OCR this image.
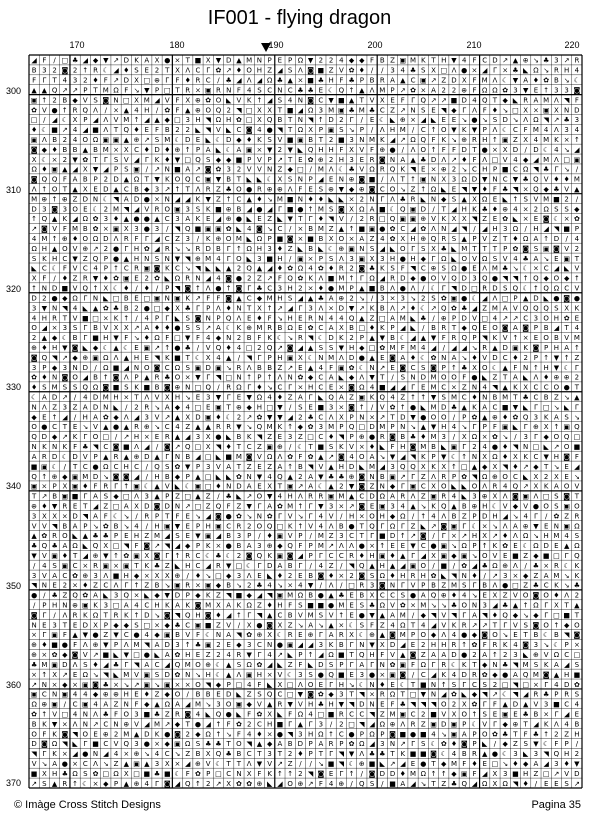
IF001 - flying dragon
170	180	190	200	210	220
300
310
320
330
340
350
360
370
◢ F / □ ♣ ◢ ◆ ▼ ↗ D K A X ● × T ■ X ▼ D ▲ M N P E P Ω ▼ 2 2 4 ◆ ◆ F B Z ▣ M K T H ▼ 4 F C D ↗ ▲ ⊕ ↘ ♣ 3 ↗ R
B 3 2 ◙ 2 ↑ R ☾ ◢ ♦ S E 2 T X Λ C Γ ✿ ↗ ♦ O H Z ◢ S Λ ◙ ■ Z V ✿ ♦ / / 3 4 ♣ S X □ Λ ● × ◢ Γ × ♣ ◣ Ω ↘ R H 4
F Γ T 4 3 2 ♦ F ↗ D X □ ⊕ Γ F ♦ R C / ♣ ◢ Λ ◢ Ω ♣ ▲ × ■ ♣ H F ♣ P B R A ▲ C ▣ ↗ Z D X F M Λ ☾ ▼ A ♦ ✿ B ↘ ☾
▲ ▲ Q ↗ ↗ P T M Ω F ↘ ▼ P □ T R × ▣ R N F 4 S C N C ♣ ♣ E ☾ Q ↑ ▲ Λ M P ↗ ✿ × A 2 2 ⊕ F Ω Ω ✿ 3 ▼ E ↑ 3 3 ◙
▣ ↑ 2 B ◆ V S ◙ N □ X M ◢ V F X ⊕ ✿ O ◣ V K ↑ ◢ S 4 N ◙ C ▼ ■ ▲ T V X E F Γ Q ↗ ↗ ■ D 4 Q T ◆ ◣ R A M Λ ◥ F
✿ V ● ↑ R Q Λ / × ▲ 4 H / ✿ F ▲ ⊕ O Q 2 ◥ □ X X T ■ ◢ Ω 3 M ▣ ♣ M ♣ C Z ↗ N S E ◥ ◆ Γ Λ F ♦ ↘ □ X × ▣ X N D
□ / ◢ ☾ X P ◢ Λ V M ↑ ◢ ▲ ◆ □ 3 H ◥ Ω H ✿ □ X Q B T N ◥ ↑ D 2 Γ / E ☾ ◣ ⊕ × ◢ ◣ E E ↘ ● ↘ S D ↘ Λ Ω ◥ ↗ ♣ 3
♦ ☾ ■ ↗ 4 ◢ ■ Λ T Q ♦ E F B 2 2 ◣ ◥ V ◣ C ◙ 4 ● ◥ T Ω X P ▣ S ↘ P / Λ H M / C ↑ O ▼ K ▼ P Λ ☾ C F M 4 Λ 3 4
▣ Λ B 2 4 O Ω ▣ ▣ ▲ ⊕ ↗ S M ☾ D E ◣ ☾ D ◆ ♦ K S V ■ ▣ B T 2 ■ 3 N M K ◢ ↗ Ω Q F K ↘ ⊕ R H ↑ ▣ Z X 4 M K × ↑
◙ ◆ ♦ B B ▲ B M × X C ♦ D ♦ ⊕ ↑ P A ◣ ☾ A ▣ × ▼ 2 ▼ ◣ Q H H F X V F ⊕ ● / Λ O ↑ F F D T ● × X D / D ☾ 4 ↘ ◢
X ☾ × 2 ▼ ✿ T Γ S V ◢ Γ K ♦ ▼ □ Q S ◆ ◆ ■ P V P ↗ T E ✿ ⊕ 2 H 3 E R ◙ N A ▲ ♣ D Λ ↗ ♦ F Λ □ V 4 ◆ ◢ M Λ □ ▣
Ω ♦ ▣ ▲ ◢ X ▼ ◢ P S ▣ / ↗ N ■ A ↗ ◙ ✿ 3 2 V V N Z ◆ □ / M Λ ☾ ♣ V Ω R Q K ◥ E × ⊕ 2 ↘ C H P ■ C Ω ◥ ♣ Γ ↘ /
◙ Q Q F A B P 2 D ▲ Ω T ▼ K O Q C ▣ ▼ B T ◣ ◣ ☾ X S N P ◢ E N ⊕ ◙ ■ / Λ T ↑ ▣ N X 3 Ω D ▼ N C ▼ ♣ Q V ♦ ♦ M
Λ ↑ O T ▲ X E D ▲ C B ◆ 3 ↗ ↑ T Λ R Z ♣ O ● R ⊕ ⊕ Λ F E S ⊕ ▼ ◆ ⊕ ◙ C O ↘ Z ↑ Ω ◣ E ◥ ▼ ♦ F ♣ ◥ × Q ◆ ♣ V ▲
M ⊕ ↑ ⊕ Z D N ☾ ◥ A D ● × N ◢ ◢ K ▼ Z ↑ C ▲ ♦ ↘ M ■ N ♦ ♦ ◣ ◣ × 2 N Γ Λ ♣ R ◣ N ◆ S ▲ X Ω E ◣ ↑ S V M ■ 2 /
D 3 ◙ 3 O E ☾ 2 M ◥ ◢ V R O ▣ 3 S K ■ ⊕ B ◢ ● ◢ Γ ■ ● ↑ M S ◙ X Ω A ■ ☾ Q ▣ D / T ◢ H K ♣ ♦ ⊕ 4 × 2 Ω S S ◆
↑ Q ▲ K ◢ Ω ✿ 3 ♦ ▲ ● ● ▲ C 3 A K E ◢ ⊕ ● ◣ E Z ◣ ▼ T Γ ♦ ◥ V / 2 R □ Q ▣ ▣ ⊕ V K X X ◥ Z E ✿ ◣ × E ◙ ☾ × ✿
↗ ◙ V F M B ✿ × ▣ X 3 ● 3 / ◥ Q ■ ▣ ▣ ✿ ◣ 4 ◙ ↘ C / × B M Z ▲ ↑ ■ ▣ ● ✿ C ◢ ✿ Λ N ◢ ◥ / ◢ H 3 Ω / H ◢ ◥ ■ P
4 M ↑ ⊕ ♦ O Ω D Λ R F Γ ◢ C Z 3 / K ⊕ O M ◣ Ω P ■ ◙ × ■ B X O × A Z 4 ✿ X H ⊕ Q R S ▲ P V Z T ♦ Ω A ↑ D / 4
Ω H ▲ O V ⊕ ↗ 2 ● Γ H ✿ ◢ R ↘ ↘ R D B Γ ↑ Ω H 3 ♦ Z ◣ B ◣ ☾ ⊕ ▣ N S ◢ ◣ O Γ S X ♣ ◣ M T T T P ✿ ◙ S ▣ ◙ V 2
S K H C ▼ Z Q P ● ▲ H N S N ▼ ◥ ⊕ M 4 Γ O ◣ 3 ■ H / ▣ × P S Λ 3 ▣ X 3 H ● H ◆ Γ Ω ◣ O V Ω S V 4 ♣ A ↘ E ▣ T
◣ C ☾ F V C 4 P ↑ C R ▣ ◙ K C ↘ ◥ ◣ ◣ ▲ 2 Q ▲ ◢ ♦ ✿ Ω 4 ✿ ♦ R 2 ◙ ♣ K S F ◥ C ⊕ S Ω ● E Λ M ♣ ↘ ☾ × C ◢ ◣ V
X F / ♦ Z R ▼ ♦ ✿ ▣ E 2 ✿ ◣ Ω R N ◢ 4 ◙ ● 2 Z ↗ F Q ✿ K Λ ■ M ↑ Γ Ω ◢ R D ◆ ● O V Q D 3 Q ● ◥ ◥ ↑ Q ◆ O ◆ ↑
↑ N D ■ V Q ↑ X ☾ ♦ / ♦ / P ◥ ◙ ↑ Λ ● ↑ ◙ Γ ♣ C 3 H 2 × ♦ ● M P ▲ ■ B Λ ● Λ / ☾ Γ ◥ D □ R D S Q ☾ ↑ Q Ω C V
D 2 ● ◆ Ω Γ N ◣ □ B E □ ▣ N ▣ K ↗ F F ◙ ▲ C ◆ M H S ◢ ▲ ♣ A ⊕ 2 ↘ / 3 × 3 ↘ 2 S ✿ ▣ ● ☾ ◢ Λ □ P ▲ D ◣ ● ◙ ●
3 ▼ N ◥ 4 ◣ ▲ ✿ ♣ B 2 ● □ ◆ X ♣ Γ P Λ ♦ N T X ↑ ↗ ◢ Γ 3 Λ × D ▼ ↗ K B Λ ↗ ♦ ☾ ↗ Q ✿ ♣ ◢ Z M A V Q Q Q S X K
4 H R T V ■ □ × K ↑ / 4 P Γ ◣ S ◙ N P Q Λ E ♦ F ↘ H E R N 4 4 Q ▲ Z □ A M ◣ ♣ / ⊕ P D V □ 4 ↗ ↗ C 3 O H ✿ E
O ◢ × 3 S Γ B V X X ↗ A ♦ ♦ ● S S ↗ A ☾ K ⊕ M R B Ω E ✿ C A X B □ ♦ K P ◢ ◣ / B R T ◆ Q E O ◙ A ◙ P B ◢ T 4
2 ▲ ◆ ☾ B Γ ■ H ▼ F ↘ ♦ Ω F □ ▼ F 4 ◆ N 2 B F K ☾ ↘ R ◥ ☾ D K 2 P ▲ ▼ B ☾ ◢ ▲ ▼ F R Q P ◥ K V ↑ × E O B V M
⊕ ♦ H ▼ ◙ ◣ ◆ ☾ ▲ ☾ E ▣ ↗ ↑ ● ♣ / V Q ♦ 4 □ 2 Q ↗ ◙ ◢ ▲ S S ▼ H ◆ □ ✿ M F M 4 ◢ / ◢ ◢ ↘ R ▲ D ▣ K ◙ P H A ↑
◙ Q ◥ ↗ ◆ ⊕ ▣ Ω Λ ▲ H E ◥ K ■ T ☾ X 4 ▲ / ◥ Γ P H ▣ X ☾ N M Λ D ● ▲ E ◙ A ♦ ☾ ✿ N A ↘ ♦ V D C ♦ 2 P ↑ ▼ ↑ Z
3 P ◆ 3 N D / Ω ■ ◢ N O ◙ C Ω S ▣ D ▣ ↘ R Λ B B Z ↗ E ▲ 4 F ▣ ✿ ☾ N ↗ E ◙ C S ◙ P ↑ ♣ X O ☾ ▲ F N ↑ H ▼ ☾ Γ
✿ ♦ N ◙ O ◢ B ↑ ◙ Λ P ▲ R ♣ O × ▼ Γ ◥ □ N ↑ P ↑ Λ N ✿ ◆ C A ◣ ◆ Λ ▼ T / S N D M O O F ● ◣ Z T A ◣ Λ ♦ ⊕ ⊕ 2
♦ S M S S Q Ω ◙ ■ S K ■ B ◙ ⊕ N □ Q / R Ω Γ ♦ ↘ C Γ × H C E × ◙ Ω 4 ■ ◢ ◢ Γ E M C × Z N 4 ◥ ▲ K X C C O ● T
☾ A D ↗ / 4 D M H × T Λ V X H ↘ E 3 ▼ Γ E ▼ Ω 4 ♦ Z A Γ ◣ Q A Z ▣ K Q 4 Z ↑ ↑ ▼ S M C ♦ N B M T ♣ C B Z ↘ ▲
N Λ Z 3 Z A D N ◣ / 2 R ↘ A ◆ 4 □ E ▣ T ⊕ ◆ H □ ▼ / S E ■ 3 × ◙ ↑ / V ✿ ↑ ● ◣ M D ♣ ▲ K A C ■ ▼ ◣ Γ □ ↘ ◣ Γ
◆ E ↑ ◢ / H A ✿ ◆ Λ ◢ 3 V ↗ ▲ X D ▣ ♦ ☾ 2 ↗ ✿ ▼ ▼ ◢ 2 ♣ C Λ X P N × ↗ T D ▼ ● O O / P ✿ ▲ ⊕ ♦ ✿ Q 3 K A S ↘
O ● C T E ↘ V ▲ ● ▲ R ⊕ ↘ C 4 Z ▲ ▲ R R ▼ ↘ Q M K ↑ ◆ ✿ 3 M P Q □ D M P N ↘ ▲ ▼ H 4 ↘ Γ P F ▣ ◣ Γ ⊕ X ↑ ▣ Q
Q D ◆ ↗ K Γ O □ / ↗ H × E R ▲ ◢ 3 X ● ◣ B K ◥ Z E 3 Z □ C ♦ ◥ P ⊕ ● R ◙ B ♣ ♦ M 3 / X Ω × ✿ ↘ / 3 Γ ◆ O Q □
N K N K F ♣ ◥ C ◙ ■ Λ ◢ / ◙ ↗ Q □ X ◥ ♦ T C Z ▣ ⊕ / ☾ T ■ S K V × ♦ ◣ F H ◙ M B ◣ ▣ Γ 2 4 ● ♦ ◥ N □ ◣ ↗ O ■
A R D ☾ D V P ▲ R ▲ ⊕ D ▲ Γ N B ◢ □ ◣ ■ M ◙ V Ω Λ ✿ F ✿ ▲ ↗ ◙ 4 O A ↘ ▼ ◢ ◥ K P ▼ ☾ ↑ N X Ω ♦ X K C ▼ H ◙ F
■ ▣ ☾ / T C ● Ω C H C / Q S ✿ ▼ P 3 V A T Z E Z A ↑ B ◥ V ▲ H D ◣ M ◢ 3 Q Q X K X ↑ □ ▲ ◆ X ◥ ♦ ↗ ◆ T ↘ E ◢
Q ↑ ⊕ ◆ ▣ M D ↘ ◙ ◙ ◢ / H B ◆ P ▲ □ ◣ ◣ ✿ N ▼ 4 Q ▲ 2 A ▼ ♣ ♣ ⊕ ◙ N B ▣ ↗ Γ Z Λ R P ✿ ◥ Ω ⊕ O C ◣ X 2 X E ↘
▣ × P X ▣ ♦ F R Γ ↑ ▣ ☾ ▲ V ◣ ☾ ▣ □ ♦ N D A E X T ▣ ↗ A ☾ ▲ 2 ▼ ◙ Z N ◆ Γ ▣ C X O ◣ ◣ O Λ R 4 Q ↗ X K A O V
T ↗ B ▣ ■ Γ A S ◆ □ Λ 3 ▲ P Z □ ▲ Z / ♣ ◣ ↗ O ▼ 4 H Λ R R ▣ M ▲ C D Ω A R Λ Z ▣ R 4 ◣ 3 ⊕ X Λ ◙ ▣ Λ □ S ◙ T
⊕ ♦ ▼ R E T ◢ Z □ A X D ◙ D N ↗ □ Z Q F Z ▼ Γ A ✿ M ↑ Γ ▼ 3 × ↗ ◙ E ▣ 3 4 ▲ ↘ K Q ▲ B ⊕ H ☾ V ◆ V ● O S ▣ O
3 X X × D ◥ A F ☾ ↘ / R P T F E ↘ ◢ ◙ ● ✿ ↘ N ✿ Γ V ↘ Γ 4 V / H × O H ◆ Ω / ↑ 4 Λ B Z P D H ◢ ↘ 4 Γ / ✿ Z R
V V ◥ B A P ↘ ✿ B ↘ 4 / H ▣ ▼ E P H ▣ C R 2 O Q □ K ↑ V 4 Λ B ● T Q Γ Ω Γ Z ◣ ↗ ◙ ▣ Γ ☾ × ↘ Λ A ⊕ ▼ E N ▣ Ω
▲ ✿ R O ◣ ▲ ♣ ♣ P E H Z M ◢ S E ▼ ▣ ◢ B 3 P / ♦ ▣ V P / M Z 3 C T Γ ■ D ↑ ↗ ◙ / Γ × ↗ H X ↗ ♦ Λ Ω ↘ H M 4 S
♣ Q ♣ A Ω ◣ Q X □ ◥ F ◙ ↗ ◥ ◢ ◆ P K × ● B A 3 ⊕ ◆ Q F P M ↗ Λ Λ ● × ↑ E E ▼ C ● ▣ ↘ Ω P ↑ K ✿ E ☾ Ω D E ▲ Ω
▼ V ▣ ♦ T ◢ ⊕ ▼ ↑ ✿ ▣ X ◙ Γ ↑ R C ☾ ♣ ☾ 2 ◙ Q K ▣ ◙ ◢ P Γ C C R ♦ H ▣ ♦ ▲ Γ ◢ X ▣ ◆ ▣ ↘ O V E ■ Z ◆ ■ □ Γ Q
/ 4 S ▣ C × R ▣ × ▣ T K ♣ Z ◣ H C ◢ R ▼ □ ☾ Γ D A B Γ / 4 Z / ◥ Q ▲ H ▲ ◢ ▣ O / ■ / ✿ ◢ ♣ Ω ⊕ Λ / ♣ × R ☾ K
3 V A C ✿ ⊕ 3 Λ ■ H ◆ × X X ⊕ / ♦ ↘ □ ◆ 3 Λ E ◣ ♦ 2 E B ◙ ♦ × 2 ◙ S Ω ♦ H R H ✿ ◣ ◥ N ♦ / ↗ 3 × ◆ Z A M ↘ K
◥ N E 2 × ♦ Z C Λ Γ ↑ Z B ↘ ▣ R × ▣ ◆ B ↘ 2 ♣ 4 ↘ × 4 ▼ / Λ / □ R 3 ◙ N Γ V P B Z M S Γ B Λ ● □ Z ♣ C K ↘ ♣
● / ♣ Z Q ✿ A ◣ 3 Q × ◣ ◆ ▼ D P ◆ K Z ◥ ■ ◆ ◢ ◥ ▣ M Ω B ● ▲ ♣ E B X C C S ● A Q ⊕ ♦ 4 ↘ E X Z V O ◙ O ♦ Λ 2
/ P H N ⊕ ▣ K 3 □ A 4 C H K A K ◙ M X A K Ω Z ♦ H F S ■ ■ ● M E S ♣ Ω V ✿ × M ↘ ↘ ♣ O N 3 ◢ ♣ ▲ ↑ Ω Γ X T ▲
◙ Γ / Λ R K Ω T R K ↑ D ↘ ◙ ◥ Q H ◙ ♦ ◢ ↑ Γ ◥ ▲ C B V M S V ↑ E ● ▼ ▲ A M / ◆ ◥ V ◥ Γ A ◥ ♦ Q ◆ ↘ ◆ Γ □ ■ T
N E 3 T E D X P ◆ ◆ S □ × ◆ ♣ C ▣ ■ Z V / X ● ◙ X Z ↘ A ↘ ▲ × ☾ S F Z 4 Ω T 4 ◢ V K R ↗ ↗ T Γ V S ◙ O ↑ ◆ O
× Γ ▣ F ▲ ▼ ● Z ▼ C ● 4 ◆ ▣ B V F ☾ N A ◥ ✿ ⊕ X ☾ R E ⊕ Γ A R X ☾ ⊕ ▲ ◙ M P O ◆ Λ 4 ● ◆ ◙ O ↘ E T B ☾ B ◥ ◙
⊕ ♦ ■ ● F Λ ⊕ ▼ P Λ M ◥ A D 3 ↑ ♣ ▣ 2 E ◆ 3 C N ● ▣ ◢ ◢ 3 K B Γ N ▼ X D ◢ E 2 H H R ↑ ✿ F R K 4 ◙ 3 ↘ ☾ P ×
⊕ × ✿ ◆ ◙ V ↗ ■ ◣ ▼ □ ● ◣ A ✿ H E Z 2 4 R ▼ Γ 4 ↗ ◣ P ↑ ◢ Ω ■ T Q H F V ▲ ◙ Z A A D ● 2 A ↑ 2 3 ◣ ⊕ V Ω C □
♣ M ▣ D Λ S ♦ ◢ ♣ Γ ◥ A C ◢ Q M O ⊕ ☾ ▲ S Ω ✿ ◢ ◣ Z F ◣ D S P Γ A Γ N ✿ ▣ F Ω Γ R ☾ K T ◆ N ♣ ◥ M S K A ◢ S
× ↑ X ↗ E Ω ↘ ◥ ◣ M V ▣ S D ✿ N ↘ H ☾ ▲ Λ ▣ H × V ☾ 3 S ● Q ■ E 3 ● × ▣ ◙ / C ◢ K 4 D R ✿ ◆ ● A Q M ◙ ▲ H ■
↗ N × ◆ × ▣ ◙ ♣ × ↘ ↗ ▣ ↘ ▣ × × O ◥ ◆ P □ 4 F ◣ X □ Λ O E Γ H ↘ ☾ N ♦ E ☾ T ■ N ↑ S Γ C S 2 □ ◥ □ × Γ 4 D ✿
▣ C N ▣ 4 4 ◆ ⊕ ⊕ H E ♦ Z ◆ O / B B E D ◣ Z S Q C □ ▼ ◙ ✿ ◆ 3 T ◥ × R Ω T □ ▼ N ◢ ✿ ◣ ◆ ◥ ↗ ☾ ◥ ◢ R ♣ P R S
Ω ⊕ ▣ / C ▣ 4 A Z N F ◆ ▲ Ω A ◢ M ↘ 3 O ▣ ◆ V ▲ R ▼ V H ♣ H ▼ ◥ D N E F ♣ ◥ ◥ ◥ O 2 X ✿ Γ F ▲ D ▲ V 3 ■ C 4
✿ ↑ V □ 4 N Λ ♣ F O 3 ■ ♣ Z R ◙ 4 ◣ Q ● ◣ F ✿ X ◣ F Ω 4 □ ■ R C C ◥ Z M ▣ C 2 ■ V X O ↑ S E ▣ E ♣ B × Γ ◢ E
B K ▼ × Λ N ↗ C N ⊕ V ◢ M ↗ ◆ T ● ◢ ↑ F ✿ 2 C H ■ Γ ▲ Γ 3 / 2 □ ◥ ◢ Ω ⊕ Λ R Z ▣ D ▣ P ☾ V Γ ◆ ⊕ T ◢ K Λ 4 B
O F K ◙ ◥ O E ⊕ 2 M ▲ D K ● ◙ 2 ◆ Ω ↑ ↘ F 4 ♦ × ● ◥ 3 H Ω ↑ C ● P Ω P ◙ ■ ● ■ 4 ↘ ▣ A P O ✿ ♣ T F ♣ ↑ 2 Z H
D ◙ Ω ◥ ◣ Γ ■ C V Q 3 ● × ◆ ▣ Ω S ♣ ♣ T O ◥ ▲ ◆ A B D P A R P ✿ Ω ◢ 3 N ↗ Γ S ☾ ✿ ♦ ◙ P ◣ / ◆ Z S ▼ ☾ F P /
◥ Γ K × ◢ ● N ◢ 4 × ⊕ ↘ 4 C ↘ Z B X Q ♣ B C T 3 T 2 ♦ P T Γ ◥ ▼ Λ ♣ ♣ T K ■ ■ ◙ ☾ 4 B R ▲ ● ☾ 3 ◣ 3 ◥ Q H 2
V ↘ A ● × C Λ ↘ Z ▲ ▣ ▲ 3 X × ◢ ⊕ V ☾ T T Λ ▼ V ↗ Z / / ↘ ■ ◥ ☾ ⊕ ■ ◣ ↗ ◢ E ● T ◆ M F ♦ E □ ↘ ♦ ◆ A ◢ 3 ♦ ▼
■ X H ♣ Ω S ✿ □ Ω X □ ■ ♣ ■ ☾ F ✿ P □ C N X F K ↑ ↑ 2 ◥ ◙ E Γ ↑ / ◙ D D ♦ M Ω ↑ ↑ ◆ ▣ F ◢ X 3 ■ H Z □ ↗ V D
↗ S ▲ R ↑ ☾ × ◆ P ▲ ⊕ 4 Γ ◙ ◢ Q ↑ 2 ↗ X ✿ ✿ ⊕ ◣ ◢ O ⊕ ↗ F 4 ⊕ / Q S / ■ A ◢ ↘ T Z ♣ Q ◢ Ω X Ω ◥ ♦ / E E S ↗
© Imàge Cross Stitch Designs	Pagina 35
